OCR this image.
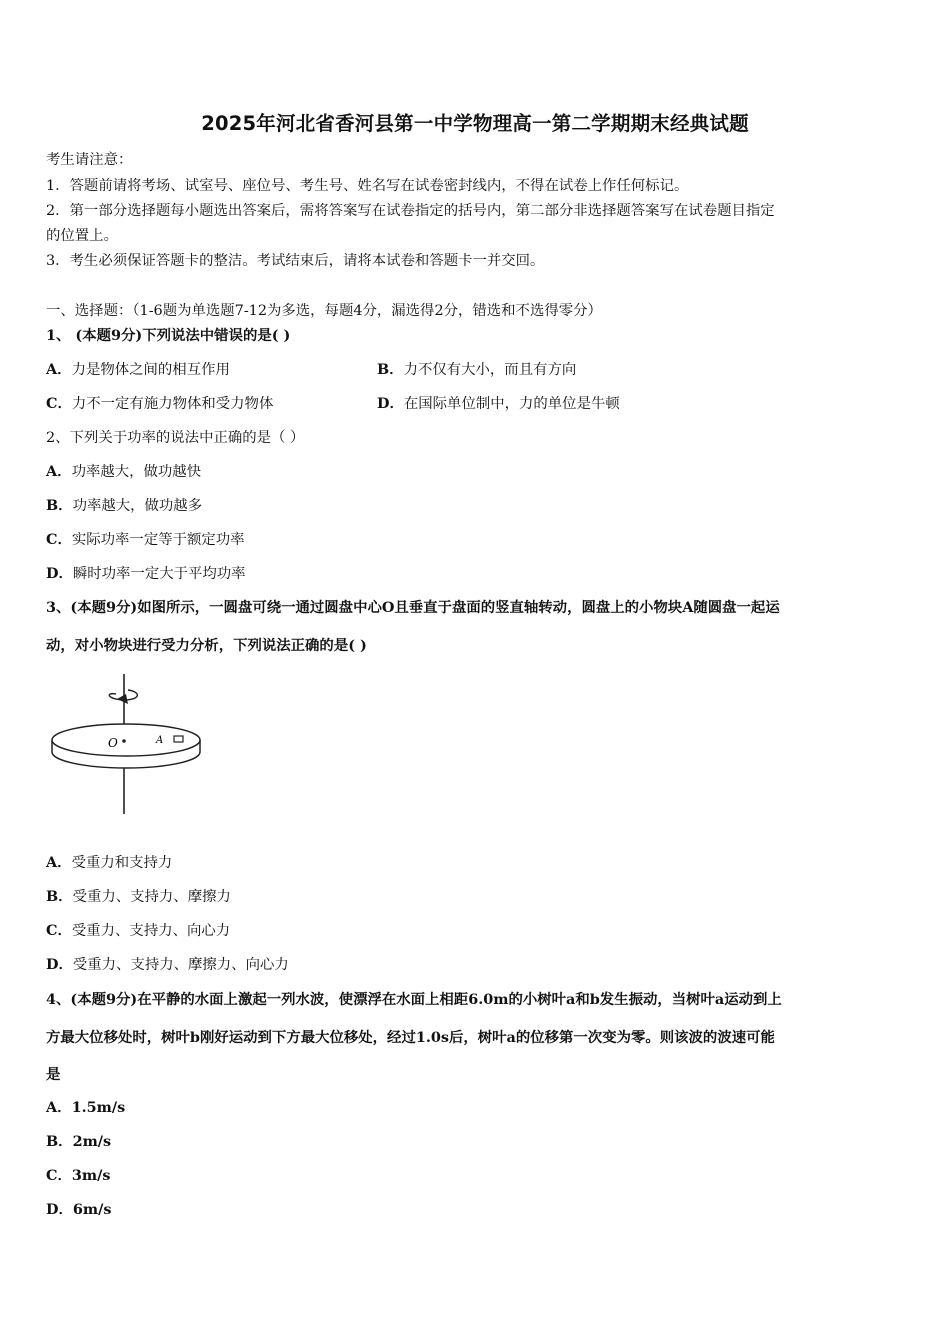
2025年河北省香河县第一中学物理高一第二学期期末经典试题
考生请注意：
1．答题前请将考场、试室号、座位号、考生号、姓名写在试卷密封线内，不得在试卷上作任何标记。
2．第一部分选择题每小题选出答案后，需将答案写在试卷指定的括号内，第二部分非选择题答案写在试卷题目指定
的位置上。
3．考生必须保证答题卡的整洁。考试结束后，请将本试卷和答题卡一并交回。
一、选择题：（1-6题为单选题7-12为多选，每题4分，漏选得2分，错选和不选得零分）
1、 (本题9分)下列说法中错误的是( )
A．力是物体之间的相互作用	B．力不仅有大小，而且有方向
C．力不一定有施力物体和受力物体	D．在国际单位制中，力的单位是牛顿
2、下列关于功率的说法中正确的是（ ）
A．功率越大，做功越快
B．功率越大，做功越多
C．实际功率一定等于额定功率
D．瞬时功率一定大于平均功率
3、(本题9分)如图所示，一圆盘可绕一通过圆盘中心O且垂直于盘面的竖直轴转动，圆盘上的小物块A随圆盘一起运
动，对小物块进行受力分析，下列说法正确的是( )
O	A
A．受重力和支持力
B．受重力、支持力、摩擦力
C．受重力、支持力、向心力
D．受重力、支持力、摩擦力、向心力
4、(本题9分)在平静的水面上激起一列水波，使漂浮在水面上相距6.0m的小树叶a和b发生振动，当树叶a运动到上
方最大位移处时，树叶b刚好运动到下方最大位移处，经过1.0s后，树叶a的位移第一次变为零。则该波的波速可能
是
A．1.5m/s
B．2m/s
C．3m/s
D．6m/s
